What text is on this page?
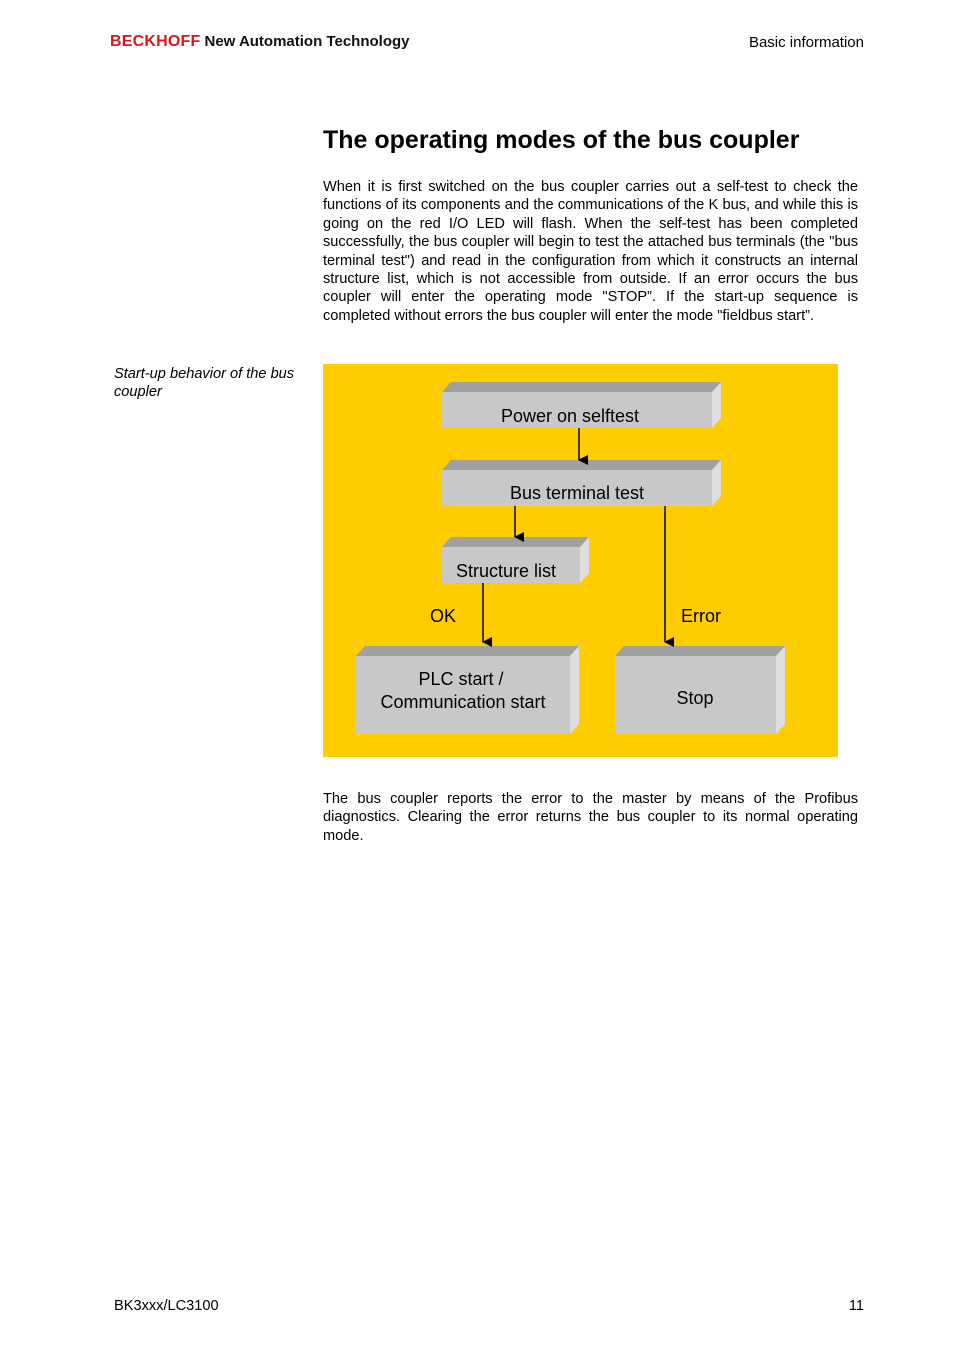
BECKHOFF New Automation Technology	Basic information
The operating modes of the bus coupler
When it is first switched on the bus coupler carries out a self-test to check the functions of its components and the communications of the K bus, and while this is going on the red I/O LED will flash. When the self-test has been completed successfully, the bus coupler will begin to test the attached bus terminals (the "bus terminal test") and read in the configuration from which it constructs an internal structure list, which is not accessible from outside. If an error occurs the bus coupler will enter the operating mode "STOP”. If the start-up sequence is completed without errors the bus coupler will enter the mode "fieldbus start”.
Start-up behavior of the bus coupler
Power on selftest
Bus terminal test
Structure list
PLC start /
Communication start	Stop
OK	Error
The bus coupler reports the error to the master by means of the Profibus diagnostics. Clearing the error returns the bus coupler to its normal operating mode.
BK3xxx/LC3100	11
